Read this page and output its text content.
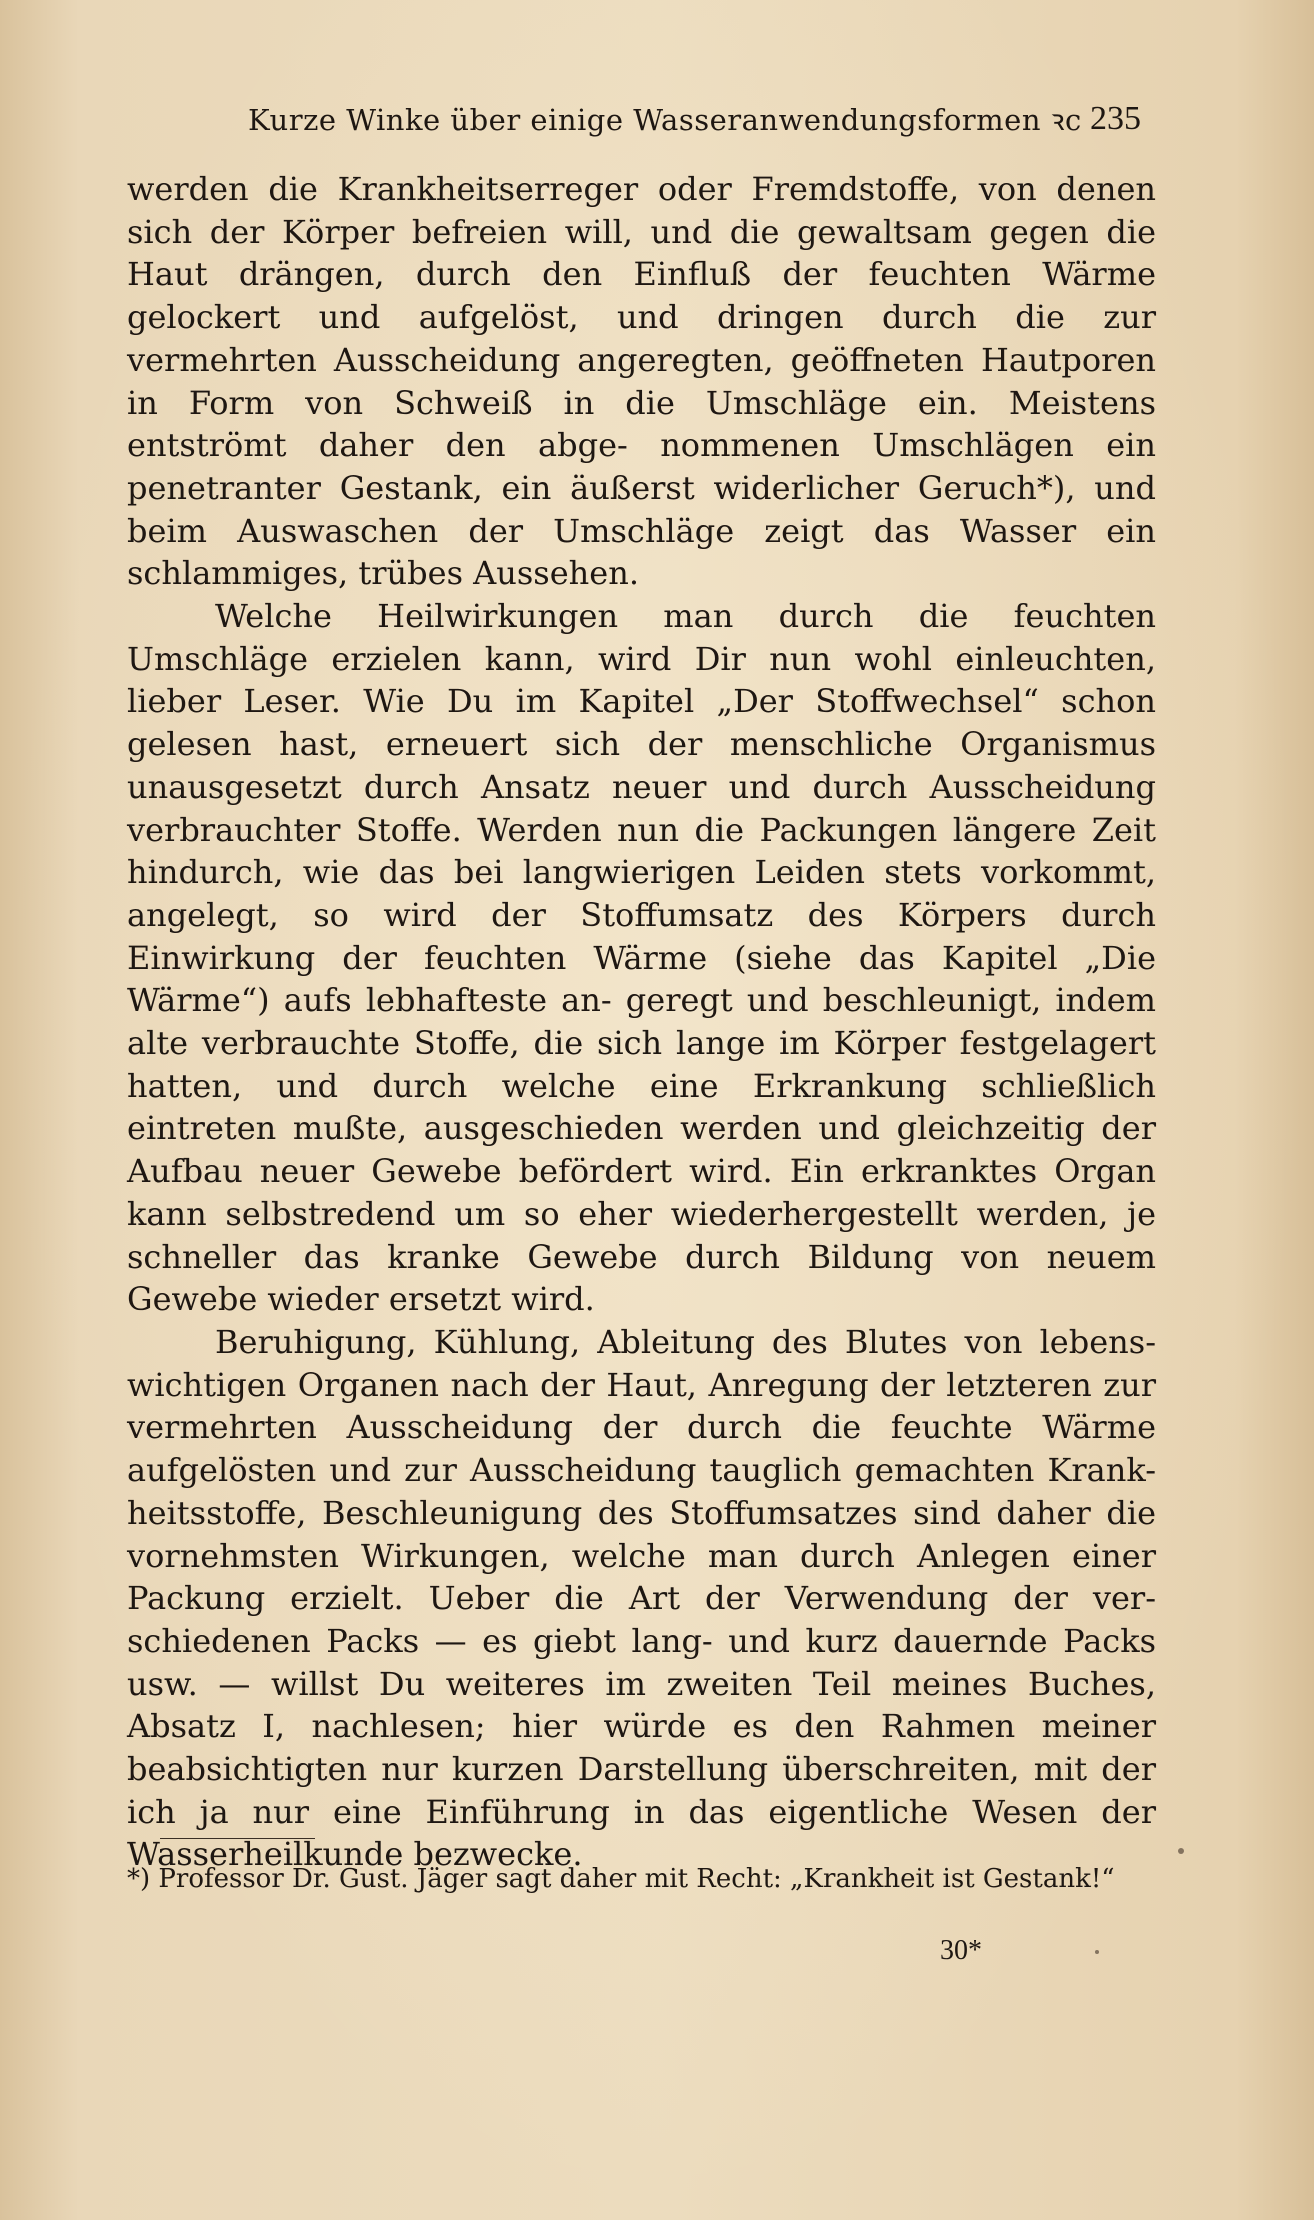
Kurze Winke über einige Wasseranwendungsformen ꝛc 235

werden die Krankheitserreger oder Fremdstoffe, von denen sich der Körper befreien will, und die gewaltsam gegen die Haut drängen, durch den Einfluß der feuchten Wärme gelockert und aufgelöst, und dringen durch die zur vermehrten Ausscheidung angeregten, geöffneten Hautporen in Form von Schweiß in die Umschläge ein. Meistens entströmt daher den abge- nommenen Umschlägen ein penetranter Gestank, ein äußerst widerlicher Geruch*), und beim Auswaschen der Umschläge zeigt das Wasser ein schlammiges, trübes Aussehen.

Welche Heilwirkungen man durch die feuchten Umschläge erzielen kann, wird Dir nun wohl einleuchten, lieber Leser. Wie Du im Kapitel „Der Stoffwechsel“ schon gelesen hast, erneuert sich der menschliche Organismus unausgesetzt durch Ansatz neuer und durch Ausscheidung verbrauchter Stoffe. Werden nun die Packungen längere Zeit hindurch, wie das bei langwierigen Leiden stets vorkommt, angelegt, so wird der Stoffumsatz des Körpers durch Einwirkung der feuchten Wärme (siehe das Kapitel „Die Wärme“) aufs lebhafteste an- geregt und beschleunigt, indem alte verbrauchte Stoffe, die sich lange im Körper festgelagert hatten, und durch welche eine Erkrankung schließlich eintreten mußte, ausgeschieden werden und gleichzeitig der Aufbau neuer Gewebe befördert wird. Ein erkranktes Organ kann selbstredend um so eher wiederhergestellt werden, je schneller das kranke Gewebe durch Bildung von neuem Gewebe wieder ersetzt wird.

Beruhigung, Kühlung, Ableitung des Blutes von lebens- wichtigen Organen nach der Haut, Anregung der letzteren zur vermehrten Ausscheidung der durch die feuchte Wärme aufgelösten und zur Ausscheidung tauglich gemachten Krank- heitsstoffe, Beschleunigung des Stoffumsatzes sind daher die vornehmsten Wirkungen, welche man durch Anlegen einer Packung erzielt. Ueber die Art der Verwendung der ver- schiedenen Packs — es giebt lang- und kurz dauernde Packs usw. — willst Du weiteres im zweiten Teil meines Buches, Absatz I, nachlesen; hier würde es den Rahmen meiner beabsichtigten nur kurzen Darstellung überschreiten, mit der ich ja nur eine Einführung in das eigentliche Wesen der Wasserheilkunde bezwecke.

*) Professor Dr. Gust. Jäger sagt daher mit Recht: „Krankheit ist Gestank!“
30*
